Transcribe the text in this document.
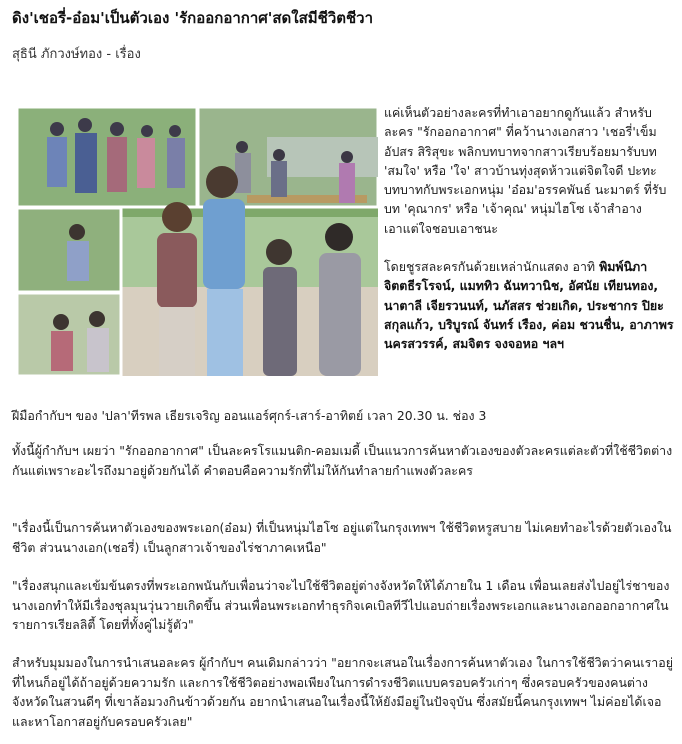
ดิง'เชอรี่-อ๋อม'เป็นตัวเอง 'รักออกอากาศ'สดใสมีชีวิตชีวา
สุธินี ภักวงษ์ทอง - เรื่อง

แค่เห็นตัวอย่างละครที่ทำเอาอยากดูกันแล้ว สำหรับละคร "รักออกอากาศ" ที่คว้านางเอกสาว 'เชอรี่'เข็มอัปสร สิริสุขะ พลิกบทบาทจากสาวเรียบร้อยมารับบท 'สมใจ' หรือ 'ใจ' สาวบ้านทุ่งสุดห้าวแต่จิตใจดี ปะทะบทบาทกับพระเอกหนุ่ม 'อ๋อม'อรรคพันธ์ นะมาตร์ ที่รับบท 'คุณากร' หรือ 'เจ้าคุณ' หนุ่มไฮโซ เจ้าสำอาง เอาแต่ใจชอบเอาชนะ

โดยชูรสละครกันด้วยเหล่านักแสดง อาทิ พิมพ์นิภา จิตตธีรโรจน์, แมททิว ฉันทวานิช, อัศนัย เทียนทอง, นาตาลี เจียรวนนท์, นภัสสร ช่วยเกิด, ประชากร ปิยะสกุลแก้ว, บริบูรณ์ จันทร์ เรือง, ค่อม ชวนชื่น, อาภาพร นครสวรรค์, สมจิตร จงจอหอ ฯลฯ

ฝีมือกำกับฯ ของ 'ปลา'ทีรพล เธียรเจริญ ออนแอร์ศุกร์-เสาร์-อาทิตย์ เวลา 20.30 น. ช่อง 3

ทั้งนี้ผู้กำกับฯ เผยว่า "รักออกอากาศ" เป็นละครโรแมนติก-คอมเมดี้ เป็นแนวการค้นหาตัวเองของตัวละครแต่ละตัวที่ใช้ชีวิตต่างกันแต่เพราะอะไรถึงมาอยู่ด้วยกันได้ คำตอบคือความรักที่ไม่ให้กันทำลายกำแพงตัวละคร

"เรื่องนี้เป็นการค้นหาตัวเองของพระเอก(อ๋อม) ที่เป็นหนุ่มไฮโซ อยู่แต่ในกรุงเทพฯ ใช้ชีวิตหรูสบาย ไม่เคยทำอะไรด้วยตัวเองในชีวิต ส่วนนางเอก(เชอรี่) เป็นลูกสาวเจ้าของไร่ชาภาคเหนือ"

"เรื่องสนุกและเข้มข้นตรงที่พระเอกพนันกับเพื่อนว่าจะไปใช้ชีวิตอยู่ต่างจังหวัดให้ได้ภายใน 1 เดือน เพื่อนเลยส่งไปอยู่ไร่ชาของนางเอกทำให้มีเรื่องชุลมุนวุ่นวายเกิดขึ้น ส่วนเพื่อนพระเอกทำธุรกิจเคเบิลทีวีไปแอบถ่ายเรื่องพระเอกและนางเอกออกอากาศในรายการเรียลลิตี้ โดยที่ทั้งคู่ไม่รู้ตัว"

สำหรับมุมมองในการนำเสนอละคร ผู้กำกับฯ คนเดิมกล่าวว่า "อยากจะเสนอในเรื่องการค้นหาตัวเอง ในการใช้ชีวิตว่าคนเราอยู่ที่ไหนก็อยู่ได้ถ้าอยู่ด้วยความรัก และการใช้ชีวิตอย่างพอเพียงในการดำรงชีวิตแบบครอบครัวเก่าๆ ซึ่งครอบครัวของคนต่างจังหวัดในสวนดีๆ ที่เขาล้อมวงกินข้าวด้วยกัน อยากนำเสนอในเรื่องนี้ให้ยังมีอยู่ในปัจจุบัน ซึ่งสมัยนี้คนกรุงเทพฯ ไม่ค่อยได้เจอและหาโอกาสอยู่กับครอบครัวเลย"
